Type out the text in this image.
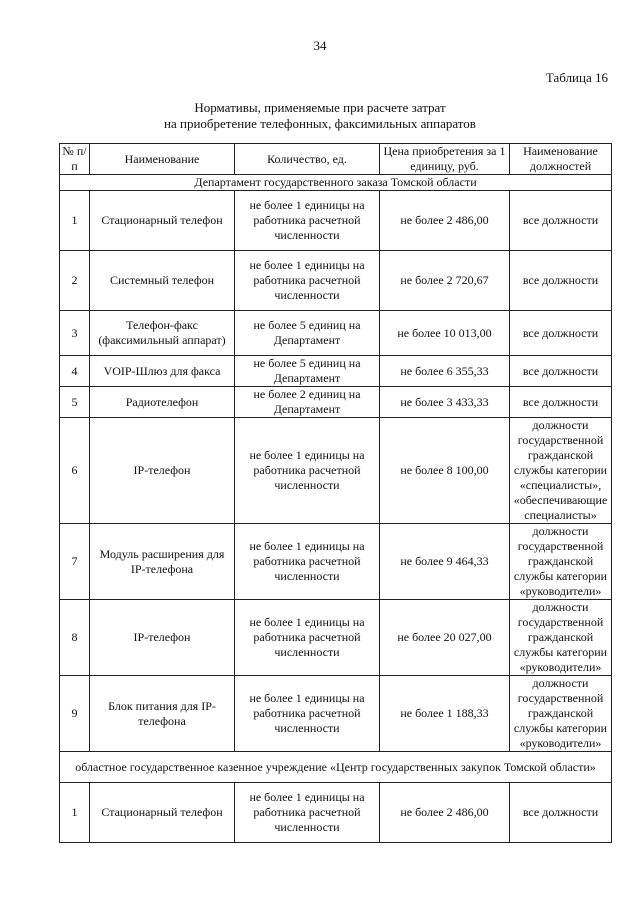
34
Таблица 16
Нормативы, применяемые при расчете затрат
на приобретение телефонных, факсимильных аппаратов
№ п/п	Наименование	Количество, ед.	Цена приобретения за 1 единицу, руб.	Наименование должностей
Департамент государственного заказа Томской области				
1	Стационарный телефон	не более 1 единицы на работника расчетной численности	не более 2 486,00	все должности
2	Системный телефон	не более 1 единицы на работника расчетной численности	не более 2 720,67	все должности
3	Телефон-факс (факсимильный аппарат)	не более 5 единиц на Департамент	не более 10 013,00	все должности
4	VOIP-Шлюз для факса	не более 5 единиц на Департамент	не более 6 355,33	все должности
5	Радиотелефон	не более 2 единиц на Департамент	не более 3 433,33	все должности
6	IP-телефон	не более 1 единицы на работника расчетной численности	не более 8 100,00	должности государственной гражданской службы категории «специалисты», «обеспечивающие специалисты»
7	Модуль расширения для IP-телефона	не более 1 единицы на работника расчетной численности	не более 9 464,33	должности государственной гражданской службы категории «руководители»
8	IP-телефон	не более 1 единицы на работника расчетной численности	не более 20 027,00	должности государственной гражданской службы категории «руководители»
9	Блок питания для IP-телефона	не более 1 единицы на работника расчетной численности	не более 1 188,33	должности государственной гражданской службы категории «руководители»
областное государственное казенное учреждение «Центр государственных закупок Томской области»				
1	Стационарный телефон	не более 1 единицы на работника расчетной численности	не более 2 486,00	все должности
